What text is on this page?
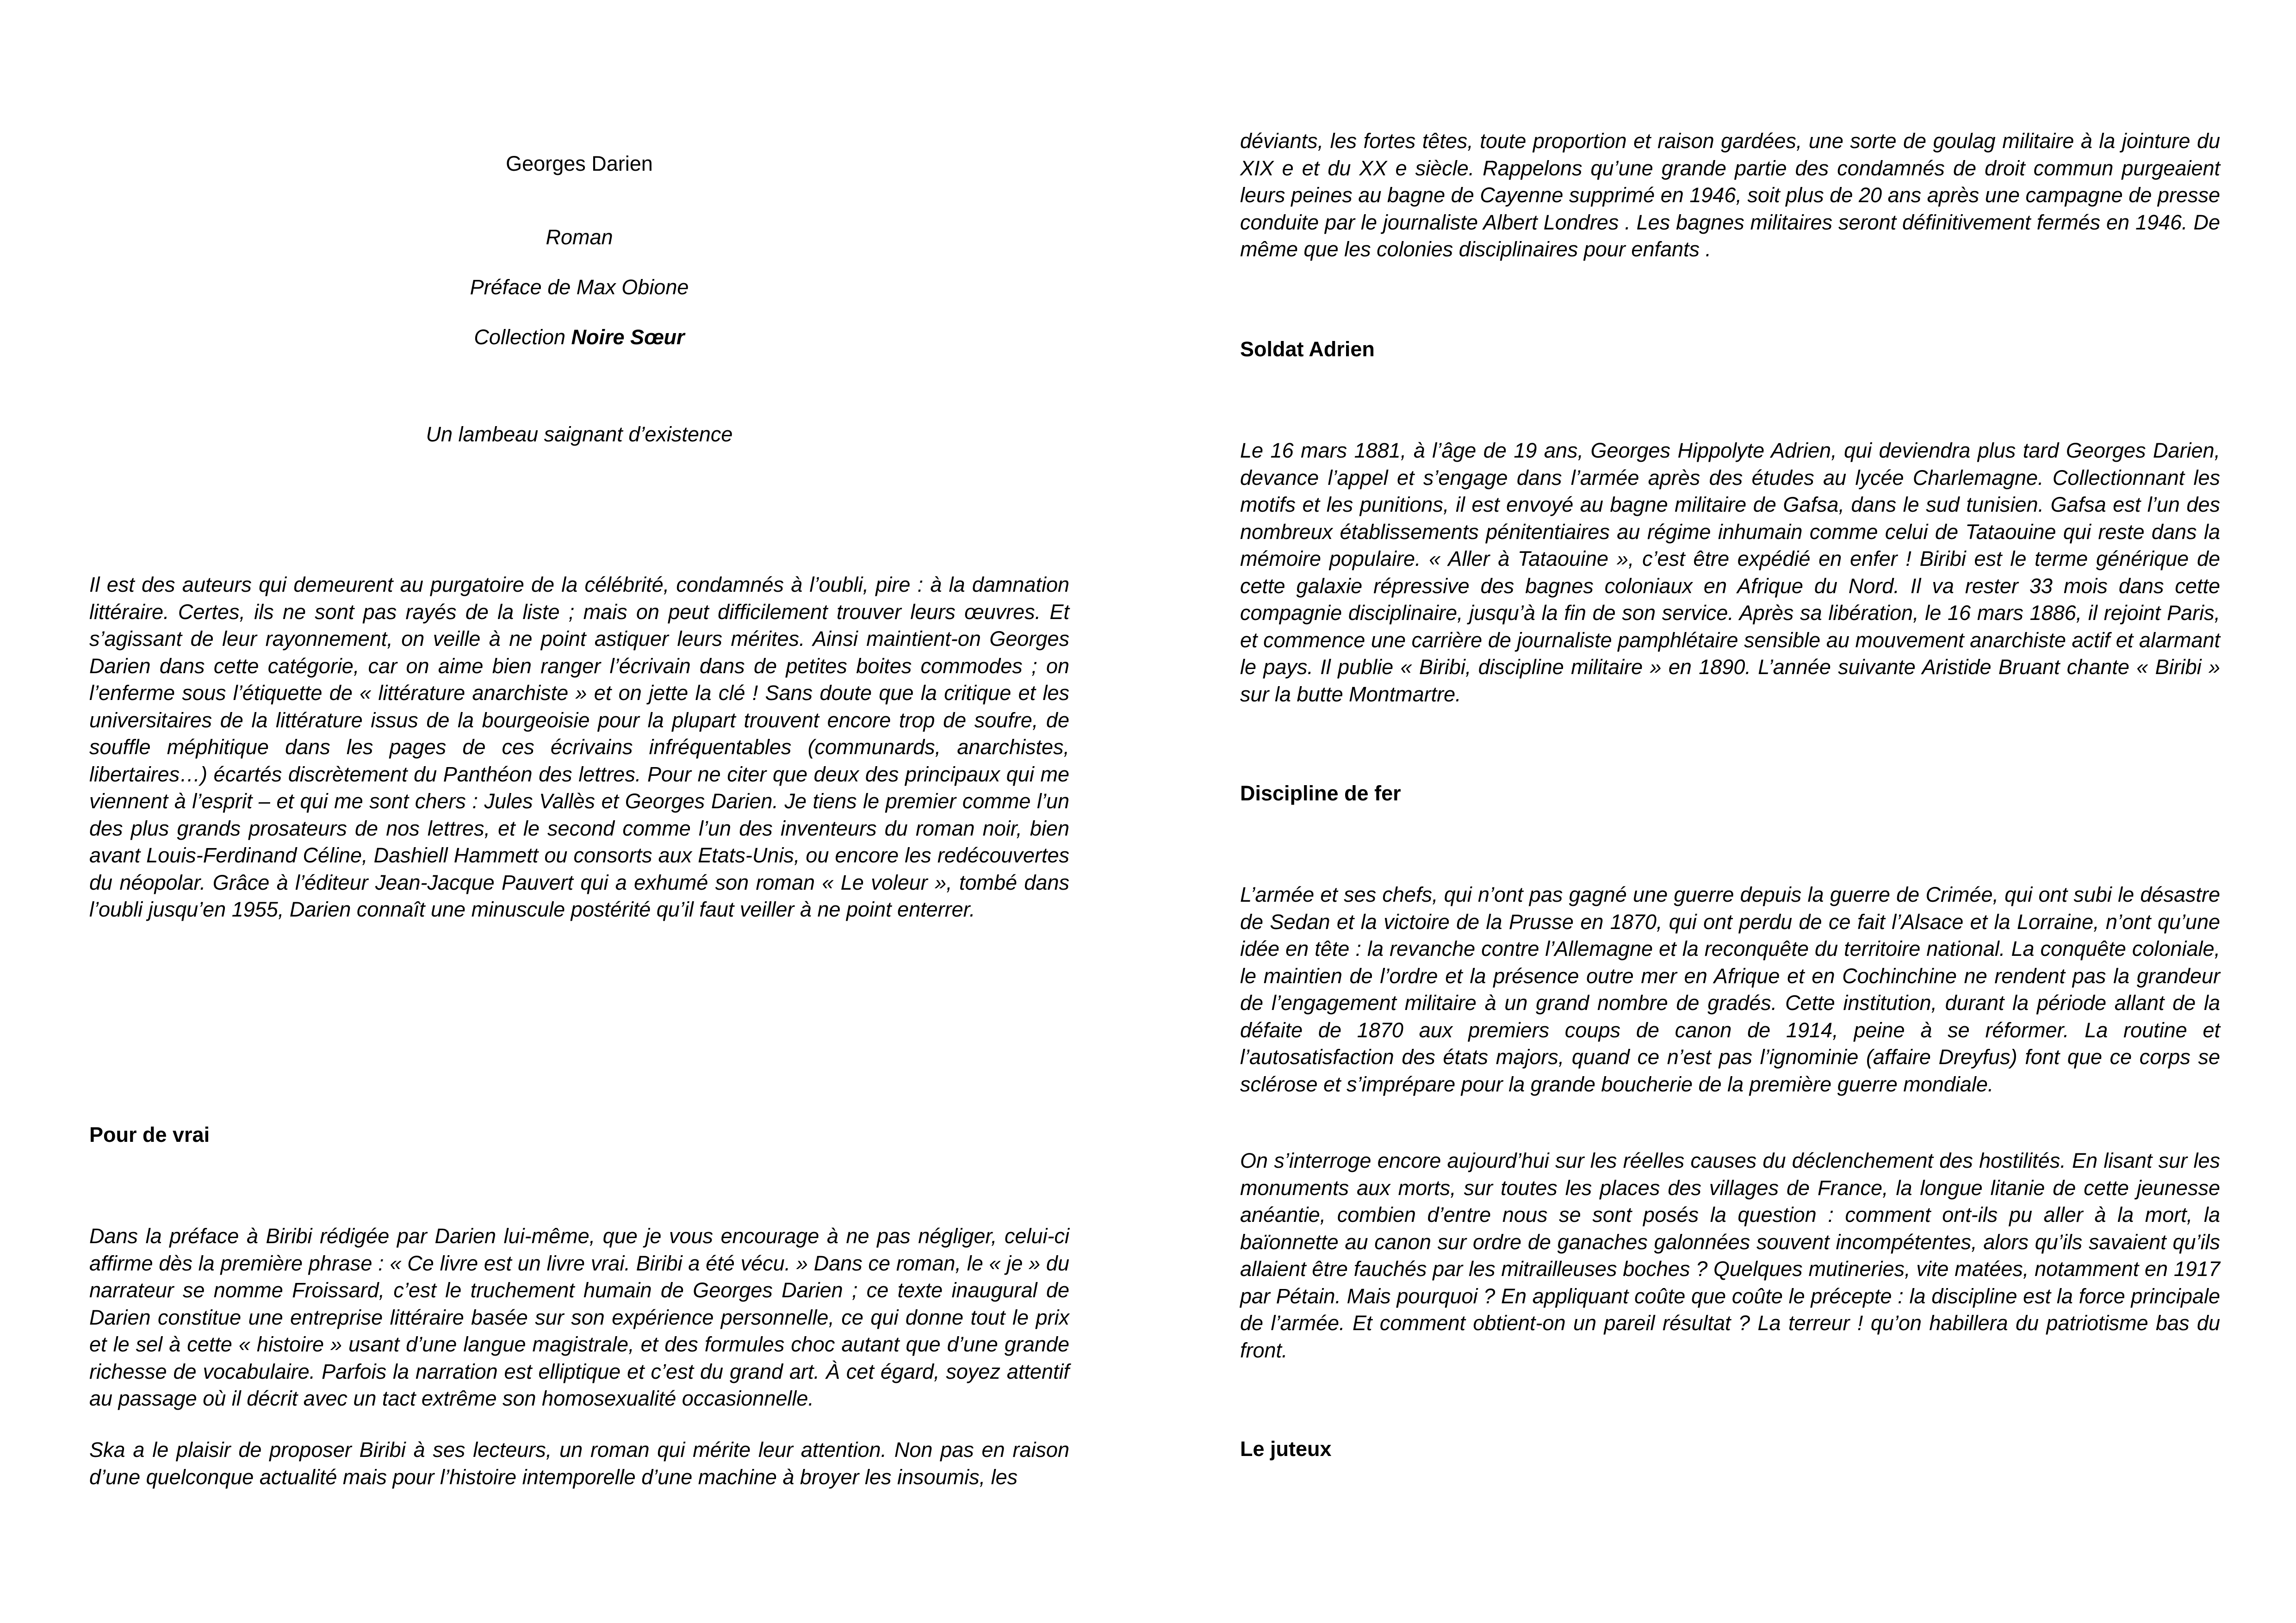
Georges Darien
Roman
Préface de Max Obione
Collection Noire Sœur
Un lambeau saignant d’existence

Il est des auteurs qui demeurent au purgatoire de la célébrité, condamnés à l’oubli, pire : à la damnation littéraire. Certes, ils ne sont pas rayés de la liste ; mais on peut difficilement trouver leurs œuvres. Et s’agissant de leur rayonnement, on veille à ne point astiquer leurs mérites. Ainsi maintient-on Georges Darien dans cette catégorie, car on aime bien ranger l’écrivain dans de petites boites commodes ; on l’enferme sous l’étiquette de « littérature anarchiste » et on jette la clé ! Sans doute que la critique et les universitaires de la littérature issus de la bourgeoisie pour la plupart trouvent encore trop de soufre, de souffle méphitique dans les pages de ces écrivains infréquentables (communards, anarchistes, libertaires…) écartés discrètement du Panthéon des lettres. Pour ne citer que deux des principaux qui me viennent à l’esprit – et qui me sont chers : Jules Vallès et Georges Darien. Je tiens le premier comme l’un des plus grands prosateurs de nos lettres, et le second comme l’un des inventeurs du roman noir, bien avant Louis-Ferdinand Céline, Dashiell Hammett ou consorts aux Etats-Unis, ou encore les redécouvertes du néopolar. Grâce à l’éditeur Jean-Jacque Pauvert qui a exhumé son roman « Le voleur », tombé dans l’oubli jusqu’en 1955, Darien connaît une minuscule postérité qu’il faut veiller à ne point enterrer.

Pour de vrai

Dans la préface à Biribi rédigée par Darien lui-même, que je vous encourage à ne pas négliger, celui-ci affirme dès la première phrase : « Ce livre est un livre vrai. Biribi a été vécu. » Dans ce roman, le « je » du narrateur se nomme Froissard, c’est le truchement humain de Georges Darien ; ce texte inaugural de Darien constitue une entreprise littéraire basée sur son expérience personnelle, ce qui donne tout le prix et le sel à cette « histoire » usant d’une langue magistrale, et des formules choc autant que d’une grande richesse de vocabulaire. Parfois la narration est elliptique et c’est du grand art. À cet égard, soyez attentif au passage où il décrit avec un tact extrême son homosexualité occasionnelle.

Ska a le plaisir de proposer Biribi à ses lecteurs, un roman qui mérite leur attention. Non pas en raison d’une quelconque actualité mais pour l’histoire intemporelle d’une machine à broyer les insoumis, les

déviants, les fortes têtes, toute proportion et raison gardées, une sorte de goulag militaire à la jointure du XIX e et du XX e siècle. Rappelons qu’une grande partie des condamnés de droit commun purgeaient leurs peines au bagne de Cayenne supprimé en 1946, soit plus de 20 ans après une campagne de presse conduite par le journaliste Albert Londres . Les bagnes militaires seront définitivement fermés en 1946. De même que les colonies disciplinaires pour enfants .

Soldat Adrien

Le 16 mars 1881, à l’âge de 19 ans, Georges Hippolyte Adrien, qui deviendra plus tard Georges Darien, devance l’appel et s’engage dans l’armée après des études au lycée Charlemagne. Collectionnant les motifs et les punitions, il est envoyé au bagne militaire de Gafsa, dans le sud tunisien. Gafsa est l’un des nombreux établissements pénitentiaires au régime inhumain comme celui de Tataouine qui reste dans la mémoire populaire. « Aller à Tataouine », c’est être expédié en enfer ! Biribi est le terme générique de cette galaxie répressive des bagnes coloniaux en Afrique du Nord. Il va rester 33 mois dans cette compagnie disciplinaire, jusqu’à la fin de son service. Après sa libération, le 16 mars 1886, il rejoint Paris, et commence une carrière de journaliste pamphlétaire sensible au mouvement anarchiste actif et alarmant le pays. Il publie « Biribi, discipline militaire » en 1890. L’année suivante Aristide Bruant chante « Biribi » sur la butte Montmartre.

Discipline de fer

L’armée et ses chefs, qui n’ont pas gagné une guerre depuis la guerre de Crimée, qui ont subi le désastre de Sedan et la victoire de la Prusse en 1870, qui ont perdu de ce fait l’Alsace et la Lorraine, n’ont qu’une idée en tête : la revanche contre l’Allemagne et la reconquête du territoire national. La conquête coloniale, le maintien de l’ordre et la présence outre mer en Afrique et en Cochinchine ne rendent pas la grandeur de l’engagement militaire à un grand nombre de gradés. Cette institution, durant la période allant de la défaite de 1870 aux premiers coups de canon de 1914, peine à se réformer. La routine et l’autosatisfaction des états majors, quand ce n’est pas l’ignominie (affaire Dreyfus) font que ce corps se sclérose et s’imprépare pour la grande boucherie de la première guerre mondiale.

On s’interroge encore aujourd’hui sur les réelles causes du déclenchement des hostilités. En lisant sur les monuments aux morts, sur toutes les places des villages de France, la longue litanie de cette jeunesse anéantie, combien d’entre nous se sont posés la question : comment ont-ils pu aller à la mort, la baïonnette au canon sur ordre de ganaches galonnées souvent incompétentes, alors qu’ils savaient qu’ils allaient être fauchés par les mitrailleuses boches ? Quelques mutineries, vite matées, notamment en 1917 par Pétain. Mais pourquoi ? En appliquant coûte que coûte le précepte : la discipline est la force principale de l’armée. Et comment obtient-on un pareil résultat ? La terreur ! qu’on habillera du patriotisme bas du front.

Le juteux
